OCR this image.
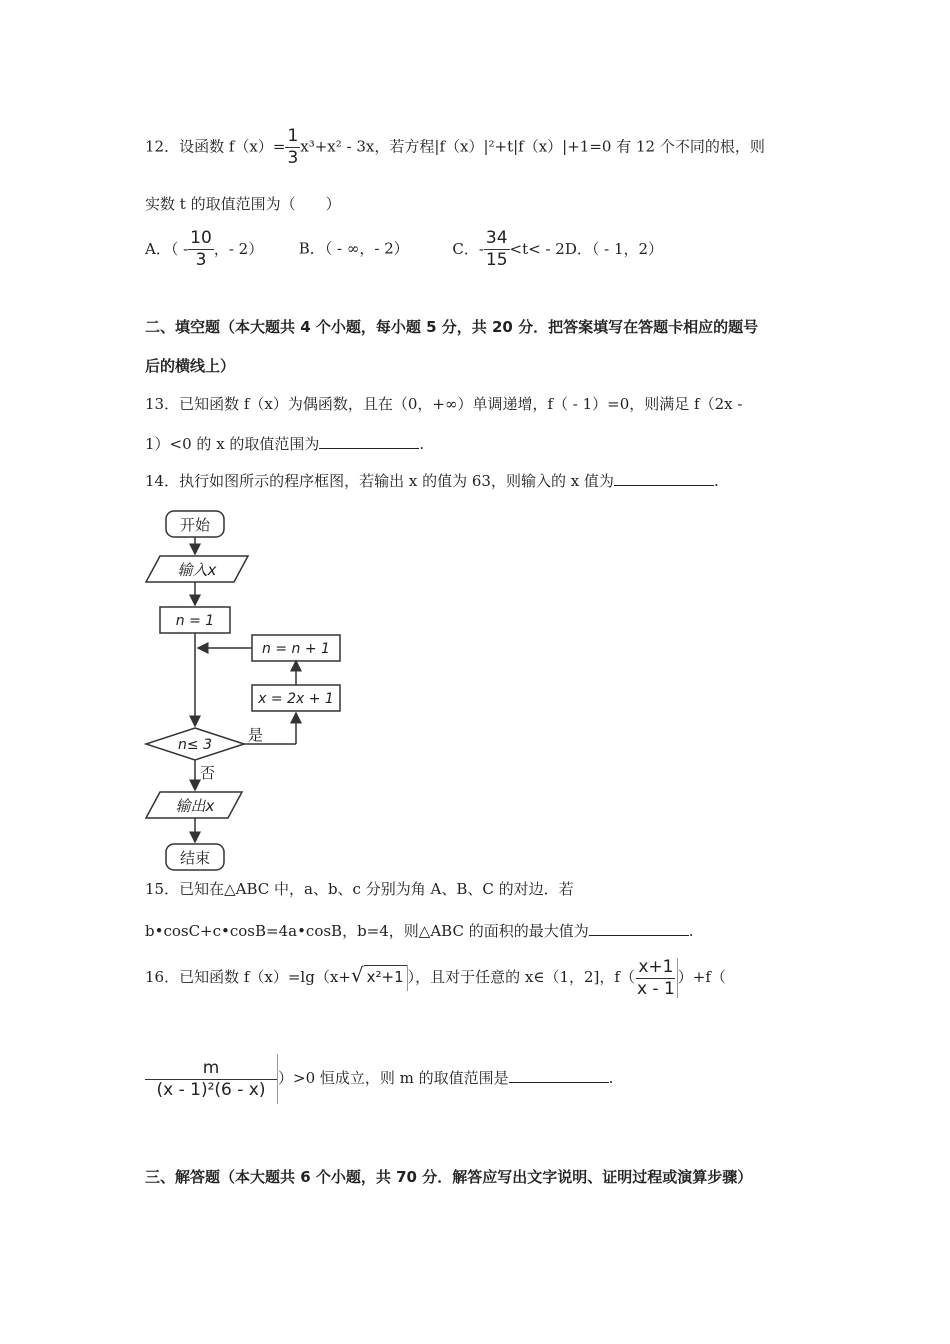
12．设函数 $f(x)= \frac{1}{3} x^3+x^2$ ‑ 3x，若方程|f（x）|²+t|f（x）|+1=0 有 12 个不同的根，则
实数 t 的取值范围为（　　）
A．（ ‑ $\frac{10}{3}$ ，‑ 2） B．（ ‑ ∞，‑ 2）	C．‑ $\frac{34}{15} <t<$ ‑ 2D．（ ‑ 1，2）
二、填空题（本大题共 4 个小题，每小题 5 分，共 20 分．把答案填写在答题卡相应的题号
后的横线上）
13．已知函数 f（x）为偶函数，且在（0，+∞）单调递增，f（ ‑ 1）=0，则满足 f（2x ‑
1）<0 的 x 的取值范围为	.
14．执行如图所示的程序框图，若输出 x 的值为 63，则输入的 x 值为	.
开始
输入x
n = 1
n = n + 1
x = 2x + 1
n≤ 3
是
否
输出x
结束
15．已知在△ABC 中，a、b、c 分别为角 A、B、C 的对边．若
b•cosC+c•cosB=4a•cosB，b=4，则△ABC 的面积的最大值为	.
16．已知函数 f（x）=lg（x+√ x²+1 ），且对于任意的 x∈（1，2]，$f( \frac{x+1}{x - 1} )+f$（
$\frac{m}{\text{(x - 1)²(6 - x)}} )>0$ 恒成立，则 m 的取值范围是	.
三、解答题（本大题共 6 个小题，共 70 分．解答应写出文字说明、证明过程或演算步骤）
